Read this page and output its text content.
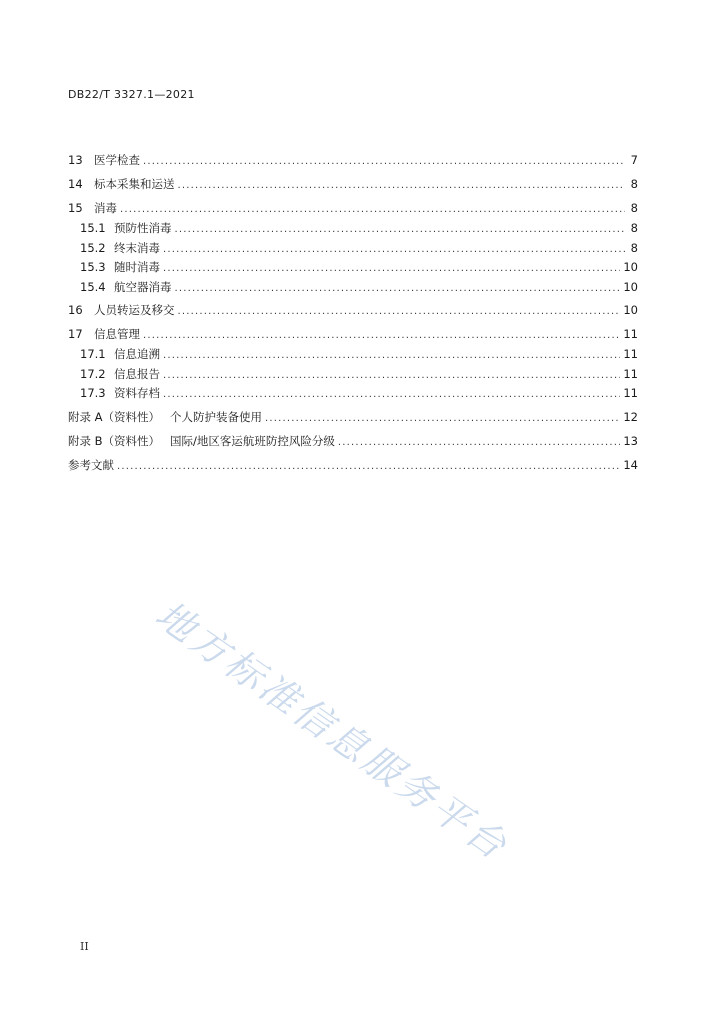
DB22/T 3327.1—2021
13 医学检查 .....	7
14 标本采集和运送 .....	8
15 消毒 .....	8
15.1 预防性消毒 .....	8
15.2 终末消毒 .....	8
15.3 随时消毒 .....	10
15.4 航空器消毒 .....	10
16 人员转运及移交 .....	10
17 信息管理 .....	11
17.1 信息追溯 .....	11
17.2 信息报告 .....	11
17.3 资料存档 .....	11
附录 A（资料性） 个人防护装备使用 .....	12
附录 B（资料性） 国际/地区客运航班防控风险分级 .....	13
参考文献 .....	14
地方标准信息服务平台
II
